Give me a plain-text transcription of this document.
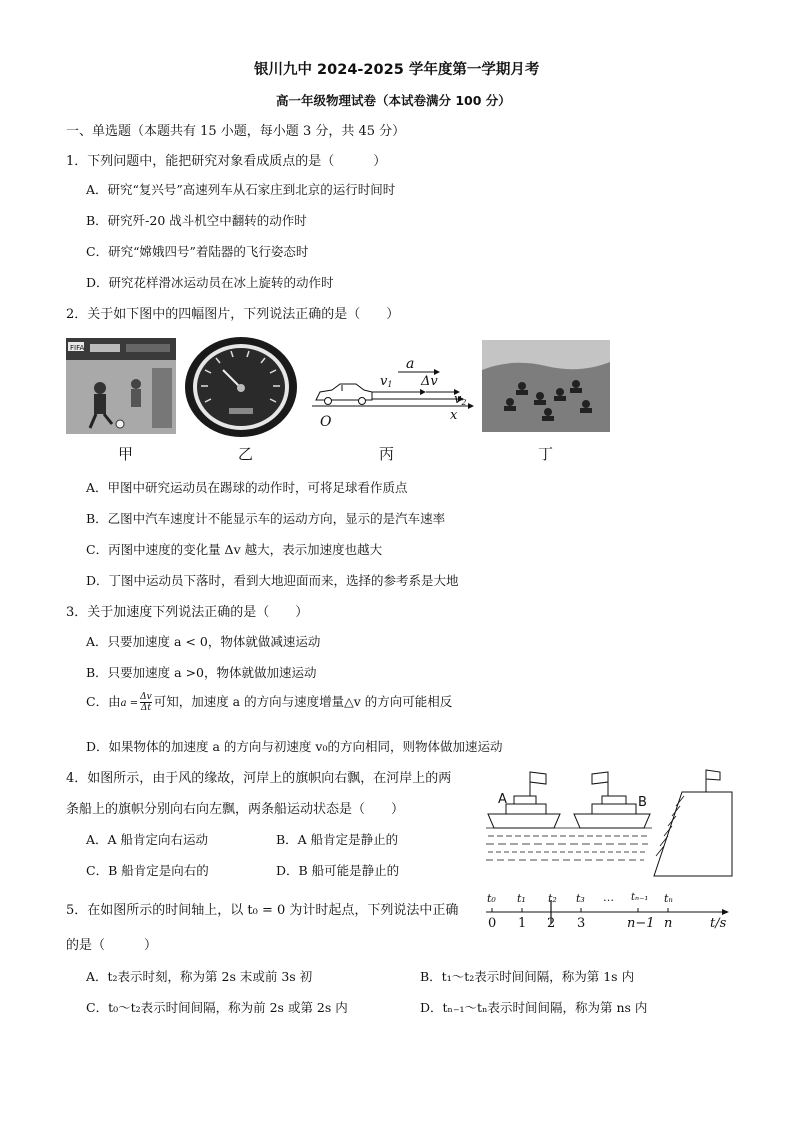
银川九中 2024-2025 学年度第一学期月考
高一年级物理试卷（本试卷满分 100 分）
一、单选题（本题共有 15 小题，每小题 3 分，共 45 分）
1．下列问题中，能把研究对象看成质点的是（　　　）
A．研究“复兴号”高速列车从石家庄到北京的运行时间时
B．研究歼-20 战斗机空中翻转的动作时
C．研究“嫦娥四号”着陆器的飞行姿态时
D．研究花样滑冰运动员在冰上旋转的动作时
2．关于如下图中的四幅图片，下列说法正确的是（　　）
FIFA
a
Δv
$v_1$
$v_2$
O	x
甲	乙	丙	丁
A．甲图中研究运动员在踢球的动作时，可将足球看作质点
B．乙图中汽车速度计不能显示车的运动方向，显示的是汽车速率
C．丙图中速度的变化量 Δv 越大，表示加速度也越大
D．丁图中运动员下落时，看到大地迎面而来，选择的参考系是大地
3．关于加速度下列说法正确的是（　　）
A．只要加速度 a < 0，物体就做减速运动
B．只要加速度 a >0，物体就做加速运动
C．由$a = \frac{\Delta v}{\Delta t}$ 可知，加速度 a 的方向与速度增量△v 的方向可能相反
D．如果物体的加速度 a 的方向与初速度 v₀的方向相同，则物体做加速运动
4．如图所示，由于风的缘故，河岸上的旗帜向右飘，在河岸上的两
条船上的旗帜分别向右向左飘，两条船运动状态是（　　）
A．A 船肯定向右运动	B．A 船肯定是静止的
C．B 船肯定是向右的	D．B 船可能是静止的
A	B
5．在如图所示的时间轴上，以 t₀ = 0 为计时起点，下列说法中正确
的是（　　　）
t₀ t₁ t₂ t₃ … tₙ₋₁ tₙ
0 1 2 3	n−1 n	t/s
A．t₂表示时刻，称为第 2s 末或前 3s 初	B．t₁～t₂表示时间间隔，称为第 1s 内
C．t₀～t₂表示时间间隔，称为前 2s 或第 2s 内	D．tₙ₋₁～tₙ表示时间间隔，称为第 ns 内
